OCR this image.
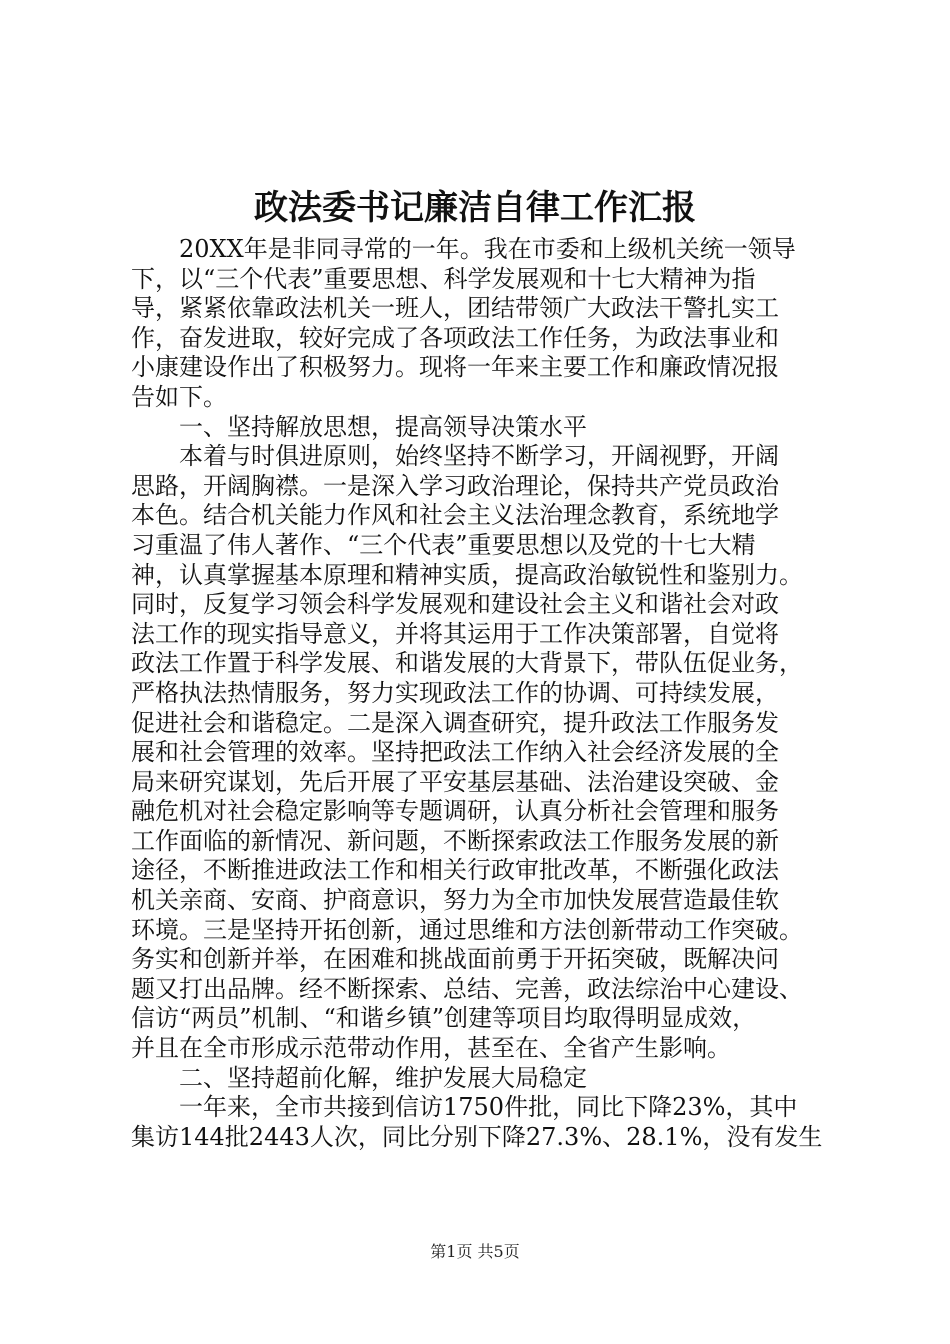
政法委书记廉洁自律工作汇报
　　20XX年是非同寻常的一年。我在市委和上级机关统一领导
下，以“三个代表”重要思想、科学发展观和十七大精神为指
导，紧紧依靠政法机关一班人，团结带领广大政法干警扎实工
作，奋发进取，较好完成了各项政法工作任务，为政法事业和
小康建设作出了积极努力。现将一年来主要工作和廉政情况报
告如下。
　　一、坚持解放思想，提高领导决策水平
　　本着与时俱进原则，始终坚持不断学习，开阔视野，开阔
思路，开阔胸襟。一是深入学习政治理论，保持共产党员政治
本色。结合机关能力作风和社会主义法治理念教育，系统地学
习重温了伟人著作、“三个代表”重要思想以及党的十七大精
神，认真掌握基本原理和精神实质，提高政治敏锐性和鉴别力。
同时，反复学习领会科学发展观和建设社会主义和谐社会对政
法工作的现实指导意义，并将其运用于工作决策部署，自觉将
政法工作置于科学发展、和谐发展的大背景下，带队伍促业务，
严格执法热情服务，努力实现政法工作的协调、可持续发展，
促进社会和谐稳定。二是深入调查研究，提升政法工作服务发
展和社会管理的效率。坚持把政法工作纳入社会经济发展的全
局来研究谋划，先后开展了平安基层基础、法治建设突破、金
融危机对社会稳定影响等专题调研，认真分析社会管理和服务
工作面临的新情况、新问题，不断探索政法工作服务发展的新
途径，不断推进政法工作和相关行政审批改革，不断强化政法
机关亲商、安商、护商意识，努力为全市加快发展营造最佳软
环境。三是坚持开拓创新，通过思维和方法创新带动工作突破。
务实和创新并举，在困难和挑战面前勇于开拓突破，既解决问
题又打出品牌。经不断探索、总结、完善，政法综治中心建设、
信访“两员”机制、“和谐乡镇”创建等项目均取得明显成效，
并且在全市形成示范带动作用，甚至在、全省产生影响。
　　二、坚持超前化解，维护发展大局稳定
　　一年来，全市共接到信访1750件批，同比下降23%，其中
集访144批2443人次，同比分别下降27.3%、28.1%，没有发生
第1页 共5页
